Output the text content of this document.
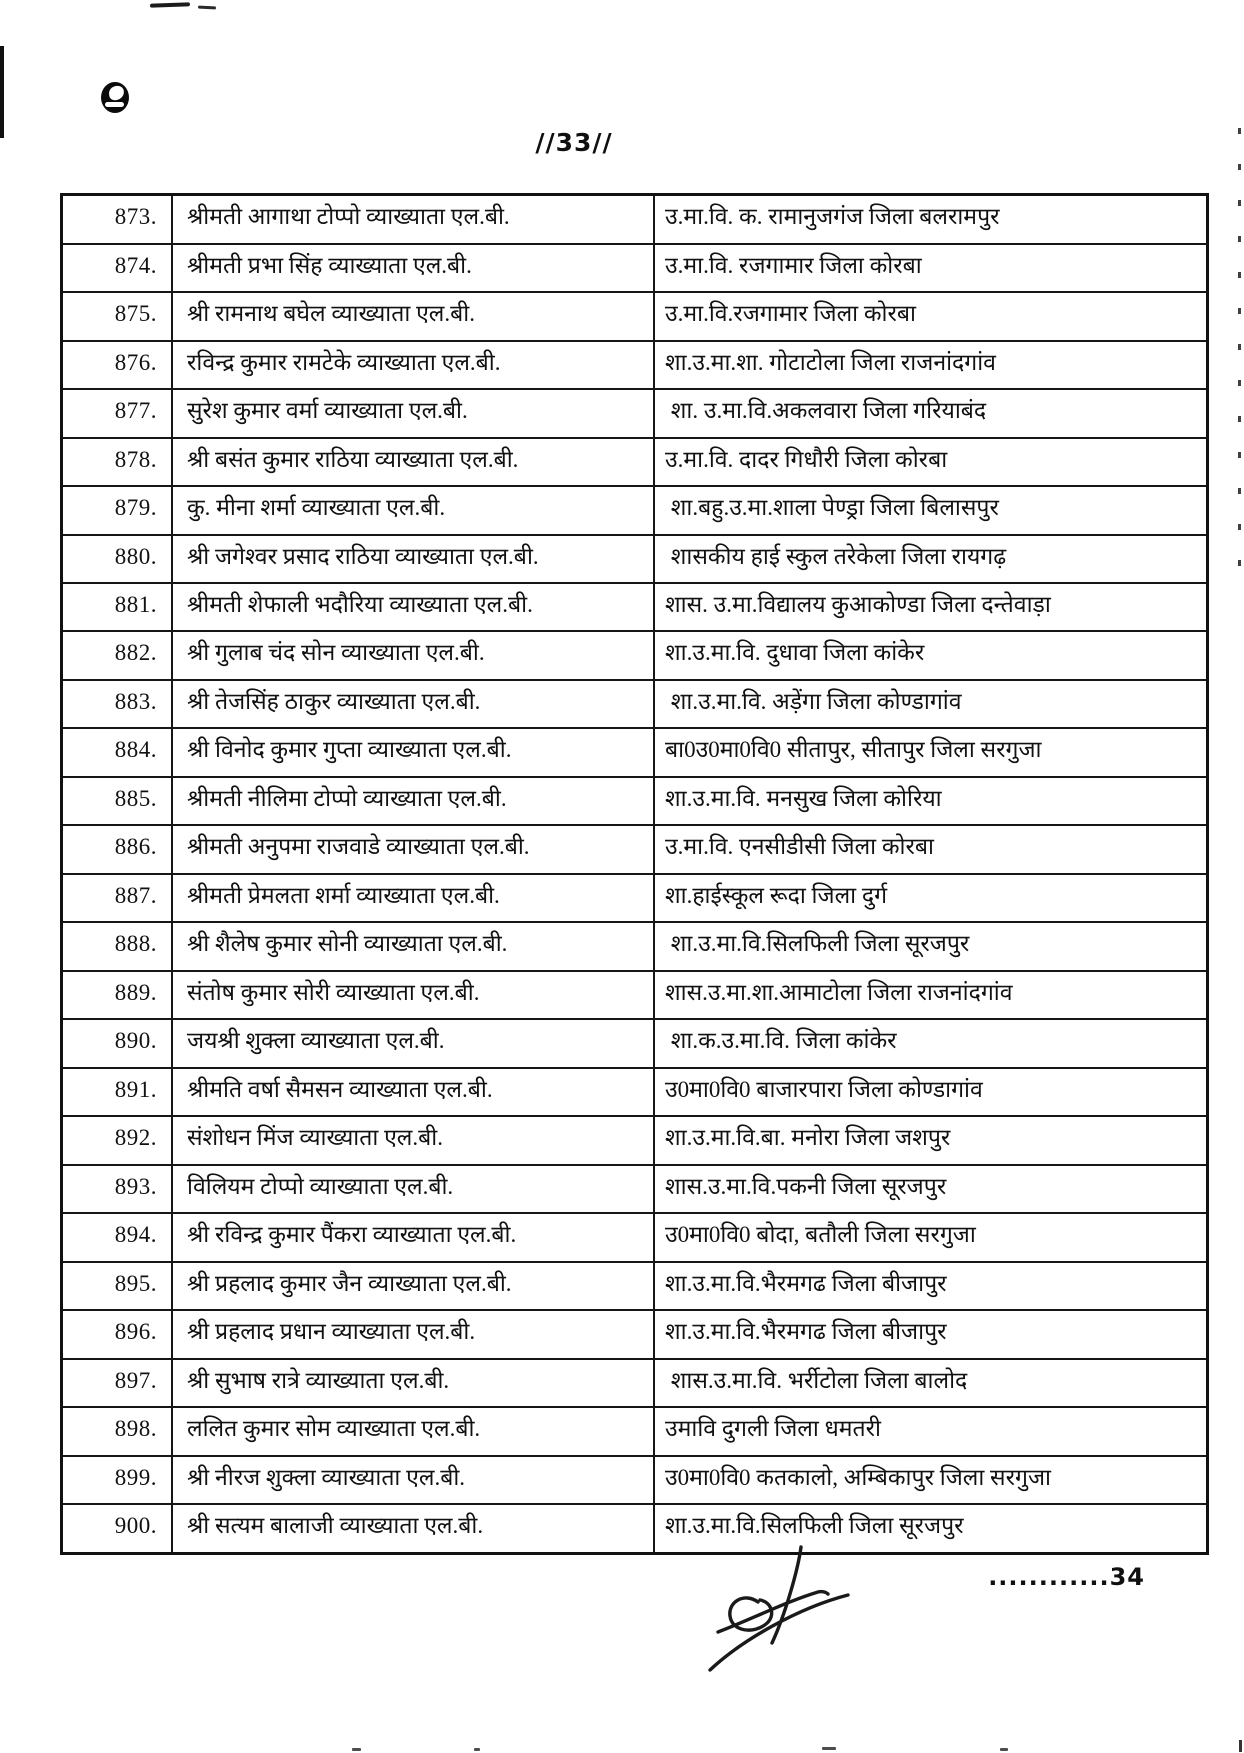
//33//
873.	श्रीमती आगाथा टोप्पो व्याख्याता एल.बी.	उ.मा.वि. क. रामानुजगंज जिला बलरामपुर
874.	श्रीमती प्रभा सिंह व्याख्याता एल.बी.	उ.मा.वि. रजगामार जिला कोरबा
875.	श्री रामनाथ बघेल व्याख्याता एल.बी.	उ.मा.वि.रजगामार जिला कोरबा
876.	रविन्द्र कुमार रामटेके व्याख्याता एल.बी.	शा.उ.मा.शा. गोटाटोला जिला राजनांदगांव
877.	सुरेश कुमार वर्मा व्याख्याता एल.बी.	शा. उ.मा.वि.अकलवारा जिला गरियाबंद
878.	श्री बसंत कुमार राठिया व्याख्याता एल.बी.	उ.मा.वि. दादर गिधौरी जिला कोरबा
879.	कु. मीना शर्मा व्याख्याता एल.बी.	शा.बहु.उ.मा.शाला पेण्ड्रा जिला बिलासपुर
880.	श्री जगेश्वर प्रसाद राठिया व्याख्याता एल.बी.	शासकीय हाई स्कुल तरेकेला जिला रायगढ़
881.	श्रीमती शेफाली भदौरिया व्याख्याता एल.बी.	शास. उ.मा.विद्यालय कुआकोण्डा जिला दन्तेवाड़ा
882.	श्री गुलाब चंद सोन व्याख्याता एल.बी.	शा.उ.मा.वि. दुधावा जिला कांकेर
883.	श्री तेजसिंह ठाकुर व्याख्याता एल.बी.	शा.उ.मा.वि. अड़ेंगा जिला कोण्डागांव
884.	श्री विनोद कुमार गुप्ता व्याख्याता एल.बी.	बा0उ0मा0वि0 सीतापुर, सीतापुर जिला सरगुजा
885.	श्रीमती नीलिमा टोप्पो व्याख्याता एल.बी.	शा.उ.मा.वि. मनसुख जिला कोरिया
886.	श्रीमती अनुपमा राजवाडे व्याख्याता एल.बी.	उ.मा.वि. एनसीडीसी जिला कोरबा
887.	श्रीमती प्रेमलता शर्मा व्याख्याता एल.बी.	शा.हाईस्कूल रूदा जिला दुर्ग
888.	श्री शैलेष कुमार सोनी व्याख्याता एल.बी.	शा.उ.मा.वि.सिलफिली जिला सूरजपुर
889.	संतोष कुमार सोरी व्याख्याता एल.बी.	शास.उ.मा.शा.आमाटोला जिला राजनांदगांव
890.	जयश्री शुक्ला व्याख्याता एल.बी.	शा.क.उ.मा.वि. जिला कांकेर
891.	श्रीमति वर्षा सैमसन व्याख्याता एल.बी.	उ0मा0वि0 बाजारपारा जिला कोण्डागांव
892.	संशोधन मिंज व्याख्याता एल.बी.	शा.उ.मा.वि.बा. मनोरा जिला जशपुर
893.	विलियम टोप्पो व्याख्याता एल.बी.	शास.उ.मा.वि.पकनी जिला सूरजपुर
894.	श्री रविन्द्र कुमार पैंकरा व्याख्याता एल.बी.	उ0मा0वि0 बोदा, बतौली जिला सरगुजा
895.	श्री प्रहलाद कुमार जैन व्याख्याता एल.बी.	शा.उ.मा.वि.भैरमगढ जिला बीजापुर
896.	श्री प्रहलाद प्रधान व्याख्याता एल.बी.	शा.उ.मा.वि.भैरमगढ जिला बीजापुर
897.	श्री सुभाष रात्रे व्याख्याता एल.बी.	शास.उ.मा.वि. भर्रीटोला जिला बालोद
898.	ललित कुमार सोम व्याख्याता एल.बी.	उमावि दुगली जिला धमतरी
899.	श्री नीरज शुक्ला व्याख्याता एल.बी.	उ0मा0वि0 कतकालो, अम्बिकापुर जिला सरगुजा
900.	श्री सत्यम बालाजी व्याख्याता एल.बी.	शा.उ.मा.वि.सिलफिली जिला सूरजपुर
............34
